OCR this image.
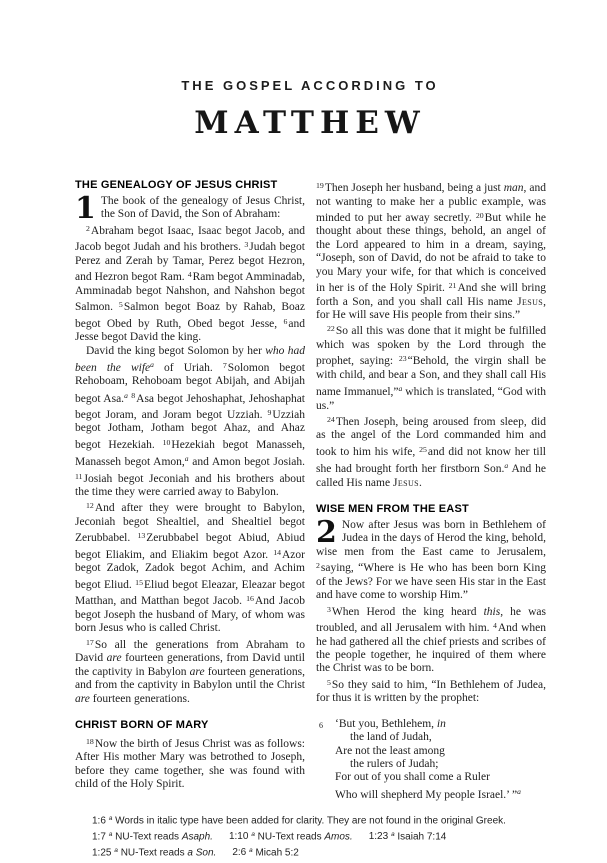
THE GOSPEL ACCORDING TO
MATTHEW
THE GENEALOGY OF JESUS CHRIST

1 The book of the genealogy of Jesus Christ, the Son of David, the Son of Abraham:

$^2$Abraham begot Isaac, Isaac begot Jacob, and Jacob begot Judah and his brothers. $^3$Judah begot Perez and Zerah by Tamar, Perez begot Hezron, and Hezron begot Ram. $^4$Ram begot Amminadab, Amminadab begot Nahshon, and Nahshon begot Salmon. $^5$Salmon begot Boaz by Rahab, Boaz begot Obed by Ruth, Obed begot Jesse, $^6$and Jesse begot David the king.

David the king begot Solomon by her who had been the wife$^a$ of Uriah. $^7$Solomon begot Rehoboam, Rehoboam begot Abijah, and Abijah begot Asa.$^a$ $^8$Asa begot Jehoshaphat, Jehoshaphat begot Joram, and Joram begot Uzziah. $^9$Uzziah begot Jotham, Jotham begot Ahaz, and Ahaz begot Hezekiah. $^{10}$Hezekiah begot Manasseh, Manasseh begot Amon,$^a$ and Amon begot Josiah. $^{11}$Josiah begot Jeconiah and his brothers about the time they were carried away to Babylon.

$^{12}$And after they were brought to Babylon, Jeconiah begot Shealtiel, and Shealtiel begot Zerubbabel. $^{13}$Zerubbabel begot Abiud, Abiud begot Eliakim, and Eliakim begot Azor. $^{14}$Azor begot Zadok, Zadok begot Achim, and Achim begot Eliud. $^{15}$Eliud begot Eleazar, Eleazar begot Matthan, and Matthan begot Jacob. $^{16}$And Jacob begot Joseph the husband of Mary, of whom was born Jesus who is called Christ.

$^{17}$So all the generations from Abraham to David are fourteen generations, from David until the captivity in Babylon are fourteen generations, and from the captivity in Babylon until the Christ are fourteen generations.

CHRIST BORN OF MARY

$^{18}$Now the birth of Jesus Christ was as follows: After His mother Mary was betrothed to Joseph, before they came together, she was found with child of the Holy Spirit.

$^{19}$Then Joseph her husband, being a just man, and not wanting to make her a public example, was minded to put her away secretly. $^{20}$But while he thought about these things, behold, an angel of the Lord appeared to him in a dream, saying, “Joseph, son of David, do not be afraid to take to you Mary your wife, for that which is conceived in her is of the Holy Spirit. $^{21}$And she will bring forth a Son, and you shall call His name Jesus, for He will save His people from their sins.”

$^{22}$So all this was done that it might be fulfilled which was spoken by the Lord through the prophet, saying: $^{23}$“Behold, the virgin shall be with child, and bear a Son, and they shall call His name Immanuel,”$^a$ which is translated, “God with us.”

$^{24}$Then Joseph, being aroused from sleep, did as the angel of the Lord commanded him and took to him his wife, $^{25}$and did not know her till she had brought forth her firstborn Son.$^a$ And he called His name Jesus.

WISE MEN FROM THE EAST

2 Now after Jesus was born in Bethlehem of Judea in the days of Herod the king, behold, wise men from the East came to Jerusalem, $^2$saying, “Where is He who has been born King of the Jews? For we have seen His star in the East and have come to worship Him.”

$^3$When Herod the king heard this, he was troubled, and all Jerusalem with him. $^4$And when he had gathered all the chief priests and scribes of the people together, he inquired of them where the Christ was to be born.

$^5$So they said to him, “In Bethlehem of Judea, for thus it is written by the prophet:

6 ‘But you, Bethlehem, in
the land of Judah,
Are not the least among
the rulers of Judah;
For out of you shall come a Ruler
Who will shepherd My people Israel.’ ”$^a$
1:6 $^a$ Words in italic type have been added for clarity. They are not found in the original Greek.
1:7 $^a$ NU-Text reads Asaph. 1:10 $^a$ NU-Text reads Amos. 1:23 $^a$ Isaiah 7:14
1:25 $^a$ NU-Text reads a Son. 2:6 $^a$ Micah 5:2
